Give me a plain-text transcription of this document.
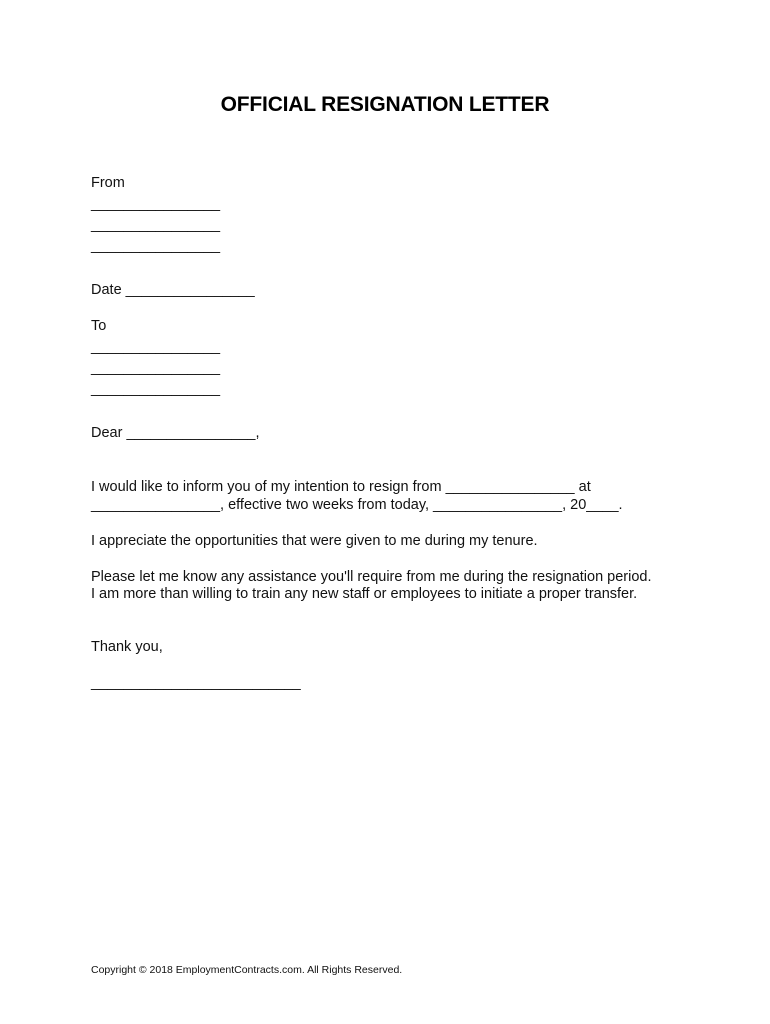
OFFICIAL RESIGNATION LETTER

From

________________

________________

________________

Date ________________

To

________________

________________

________________

Dear ________________,

I would like to inform you of my intention to resign from ________________ at

________________, effective two weeks from today, ________________, 20____.

I appreciate the opportunities that were given to me during my tenure.

Please let me know any assistance you'll require from me during the resignation period.

I am more than willing to train any new staff or employees to initiate a proper transfer.

Thank you,

__________________________

Copyright © 2018 EmploymentContracts.com. All Rights Reserved.
